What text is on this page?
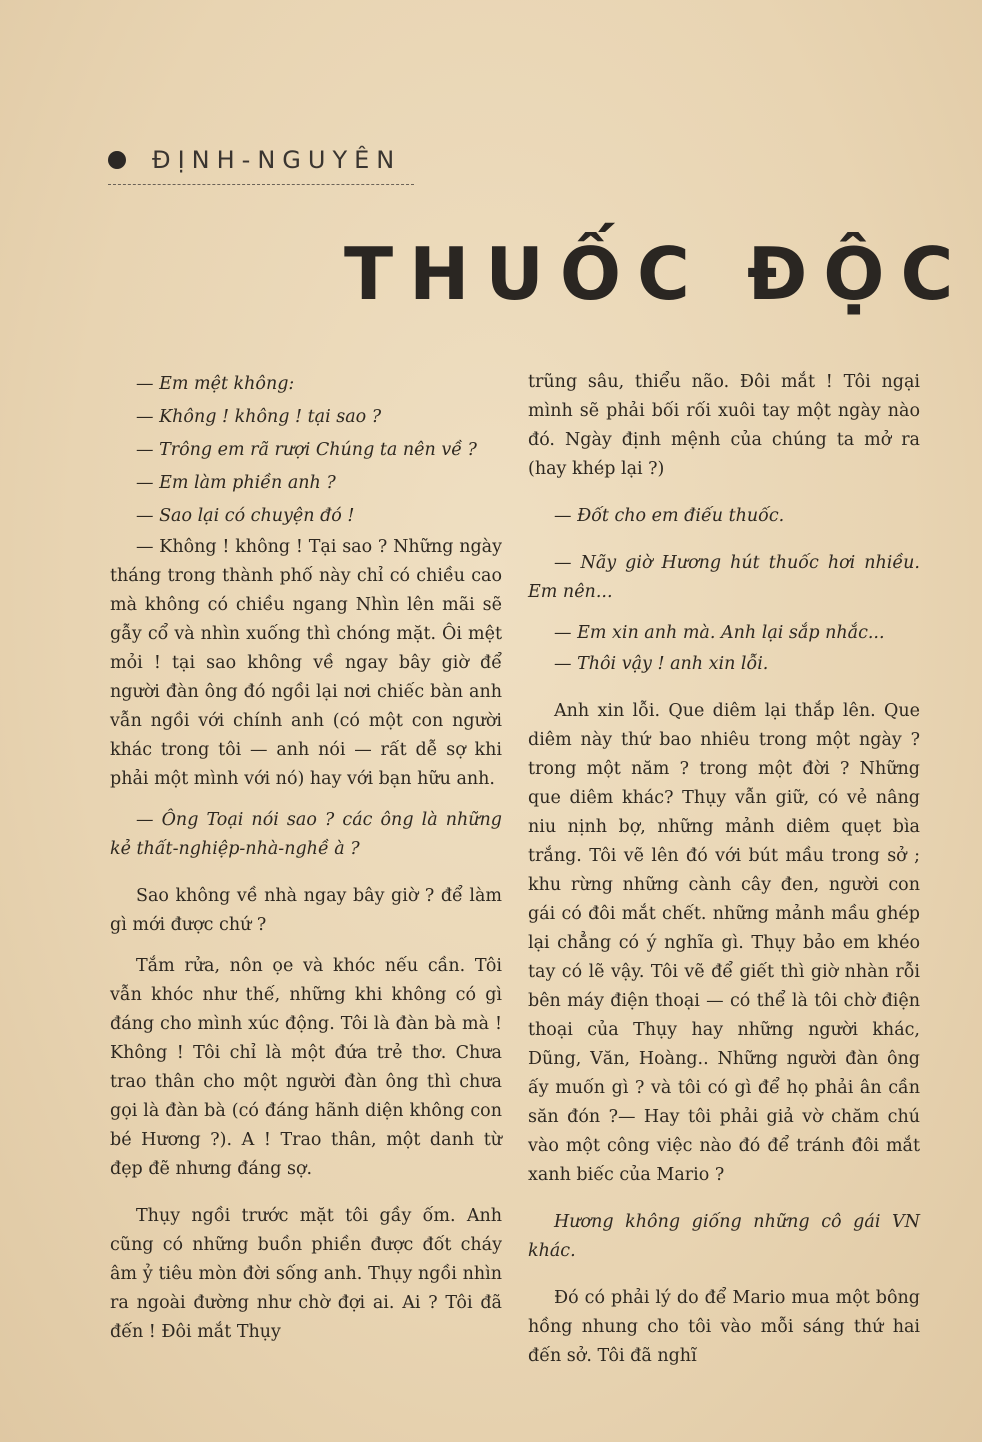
ĐỊNH-NGUYÊN
THUỐC ĐỘC

— Em mệt không:

— Không ! không ! tại sao ?

— Trông em rã rượi Chúng ta nên về ?

— Em làm phiền anh ?

— Sao lại có chuyện đó !

— Không ! không ! Tại sao ? Những ngày tháng trong thành phố này chỉ có chiều cao mà không có chiều ngang Nhìn lên mãi sẽ gẫy cổ và nhìn xuống thì chóng mặt. Ôi mệt mỏi ! tại sao không về ngay bây giờ để người đàn ông đó ngồi lại nơi chiếc bàn anh vẫn ngồi với chính anh (có một con người khác trong tôi — anh nói — rất dễ sợ khi phải một mình với nó) hay với bạn hữu anh.

— Ông Toại nói sao ? các ông là những kẻ thất-nghiệp-nhà-nghề à ?

Sao không về nhà ngay bây giờ ? để làm gì mới được chứ ?

Tắm rửa, nôn ọe và khóc nếu cần. Tôi vẫn khóc như thế, những khi không có gì đáng cho mình xúc động. Tôi là đàn bà mà ! Không ! Tôi chỉ là một đứa trẻ thơ. Chưa trao thân cho một người đàn ông thì chưa gọi là đàn bà (có đáng hãnh diện không con bé Hương ?). A ! Trao thân, một danh từ đẹp đẽ nhưng đáng sợ.

Thụy ngồi trước mặt tôi gầy ốm. Anh cũng có những buồn phiền được đốt cháy âm ỷ tiêu mòn đời sống anh. Thụy ngồi nhìn ra ngoài đường như chờ đợi ai. Ai ? Tôi đã đến ! Đôi mắt Thụy

trũng sâu, thiểu não. Đôi mắt ! Tôi ngại mình sẽ phải bối rối xuôi tay một ngày nào đó. Ngày định mệnh của chúng ta mở ra (hay khép lại ?)

— Đốt cho em điếu thuốc.

— Nãy giờ Hương hút thuốc hơi nhiều. Em nên...

— Em xin anh mà. Anh lại sắp nhắc...

— Thôi vậy ! anh xin lỗi.

Anh xin lỗi. Que diêm lại thắp lên. Que diêm này thứ bao nhiêu trong một ngày ? trong một năm ? trong một đời ? Những que diêm khác? Thụy vẫn giữ, có vẻ nâng niu nịnh bợ, những mảnh diêm quẹt bìa trắng. Tôi vẽ lên đó với bút mầu trong sở ; khu rừng những cành cây đen, người con gái có đôi mắt chết. những mảnh mầu ghép lại chẳng có ý nghĩa gì. Thụy bảo em khéo tay có lẽ vậy. Tôi vẽ để giết thì giờ nhàn rỗi bên máy điện thoại — có thể là tôi chờ điện thoại của Thụy hay những người khác, Dũng, Văn, Hoàng.. Những người đàn ông ấy muốn gì ? và tôi có gì để họ phải ân cần săn đón ?— Hay tôi phải giả vờ chăm chú vào một công việc nào đó để tránh đôi mắt xanh biếc của Mario ?

Hương không giống những cô gái VN khác.

Đó có phải lý do để Mario mua một bông hồng nhung cho tôi vào mỗi sáng thứ hai đến sở. Tôi đã nghĩ
